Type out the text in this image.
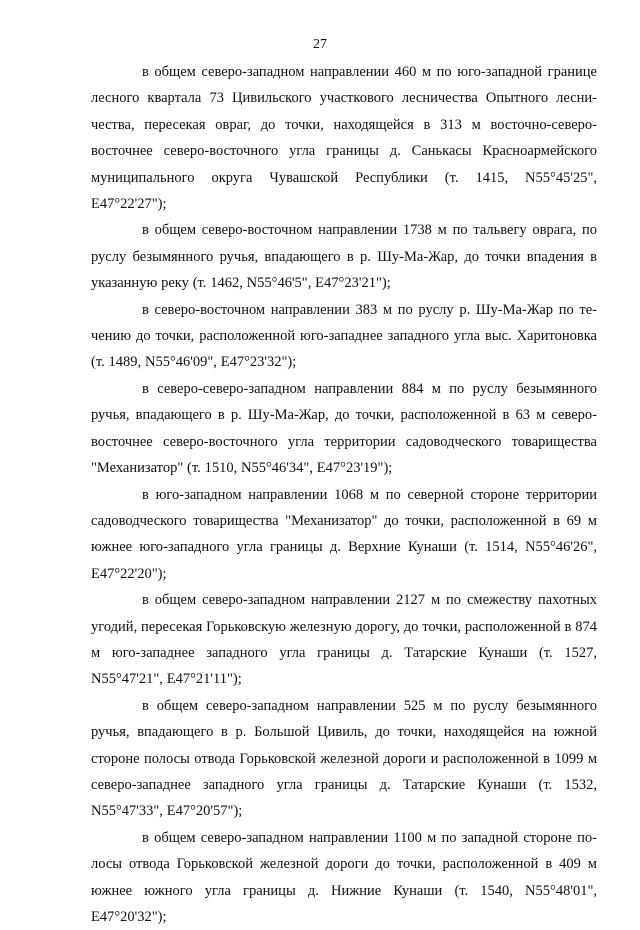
27

в общем северо-западном направлении 460 м по юго-западной границе лесного квартала 73 Цивильского участкового лесничества Опытного лесничества, пересекая овраг, до точки, находящейся в 313 м восточно-северо-восточнее северо-восточного угла границы д. Санькасы Красноармейского муниципального округа Чувашской Республики (т. 1415, N55°45'25", E47°22'27");

в общем северо-восточном направлении 1738 м по тальвегу оврага, по руслу безымянного ручья, впадающего в р. Шу-Ма-Жар, до точки впадения в указанную реку (т. 1462, N55°46'5", E47°23'21");

в северо-восточном направлении 383 м по руслу р. Шу-Ма-Жар по течению до точки, расположенной юго-западнее западного угла выс. Харитоновка (т. 1489, N55°46'09", E47°23'32");

в северо-северо-западном направлении 884 м по руслу безымянного ручья, впадающего в р. Шу-Ма-Жар, до точки, расположенной в 63 м северо-восточнее северо-восточного угла территории садоводческого товарищества "Механизатор" (т. 1510, N55°46'34", E47°23'19");

в юго-западном направлении 1068 м по северной стороне территории садоводческого товарищества "Механизатор" до точки, расположенной в 69 м южнее юго-западного угла границы д. Верхние Кунаши (т. 1514, N55°46'26", E47°22'20");

в общем северо-западном направлении 2127 м по смежеству пахотных угодий, пересекая Горьковскую железную дорогу, до точки, расположенной в 874 м юго-западнее западного угла границы д. Татарские Кунаши (т. 1527, N55°47'21", E47°21'11");

в общем северо-западном направлении 525 м по руслу безымянного ручья, впадающего в р. Большой Цивиль, до точки, находящейся на южной стороне полосы отвода Горьковской железной дороги и расположенной в 1099 м северо-западнее западного угла границы д. Татарские Кунаши (т. 1532, N55°47'33", E47°20'57");

в общем северо-западном направлении 1100 м по западной стороне полосы отвода Горьковской железной дороги до точки, расположенной в 409 м южнее южного угла границы д. Нижние Кунаши (т. 1540, N55°48'01", E47°20'32");
